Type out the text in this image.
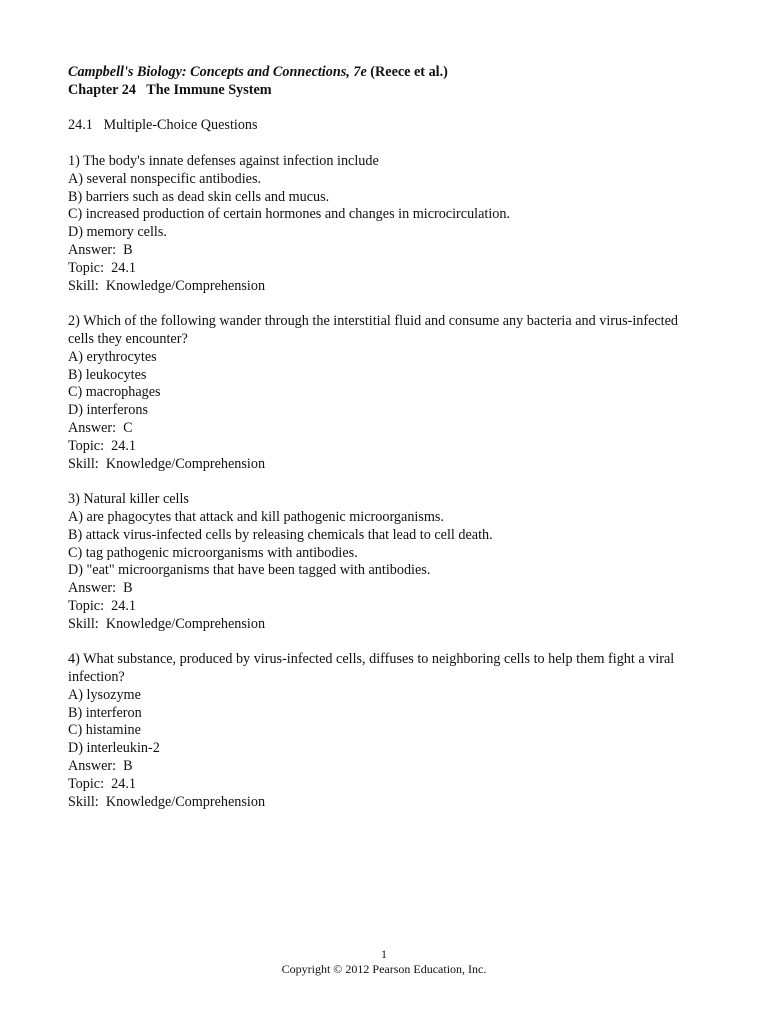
Campbell's Biology: Concepts and Connections, 7e (Reece et al.)
Chapter 24   The Immune System
24.1   Multiple-Choice Questions
1) The body's innate defenses against infection include
A) several nonspecific antibodies.
B) barriers such as dead skin cells and mucus.
C) increased production of certain hormones and changes in microcirculation.
D) memory cells.
Answer:  B
Topic:  24.1
Skill:  Knowledge/Comprehension
2) Which of the following wander through the interstitial fluid and consume any bacteria and virus-infected cells they encounter?
A) erythrocytes
B) leukocytes
C) macrophages
D) interferons
Answer:  C
Topic:  24.1
Skill:  Knowledge/Comprehension
3) Natural killer cells
A) are phagocytes that attack and kill pathogenic microorganisms.
B) attack virus-infected cells by releasing chemicals that lead to cell death.
C) tag pathogenic microorganisms with antibodies.
D) "eat" microorganisms that have been tagged with antibodies.
Answer:  B
Topic:  24.1
Skill:  Knowledge/Comprehension
4) What substance, produced by virus-infected cells, diffuses to neighboring cells to help them fight a viral infection?
A) lysozyme
B) interferon
C) histamine
D) interleukin-2
Answer:  B
Topic:  24.1
Skill:  Knowledge/Comprehension
1
Copyright © 2012 Pearson Education, Inc.
